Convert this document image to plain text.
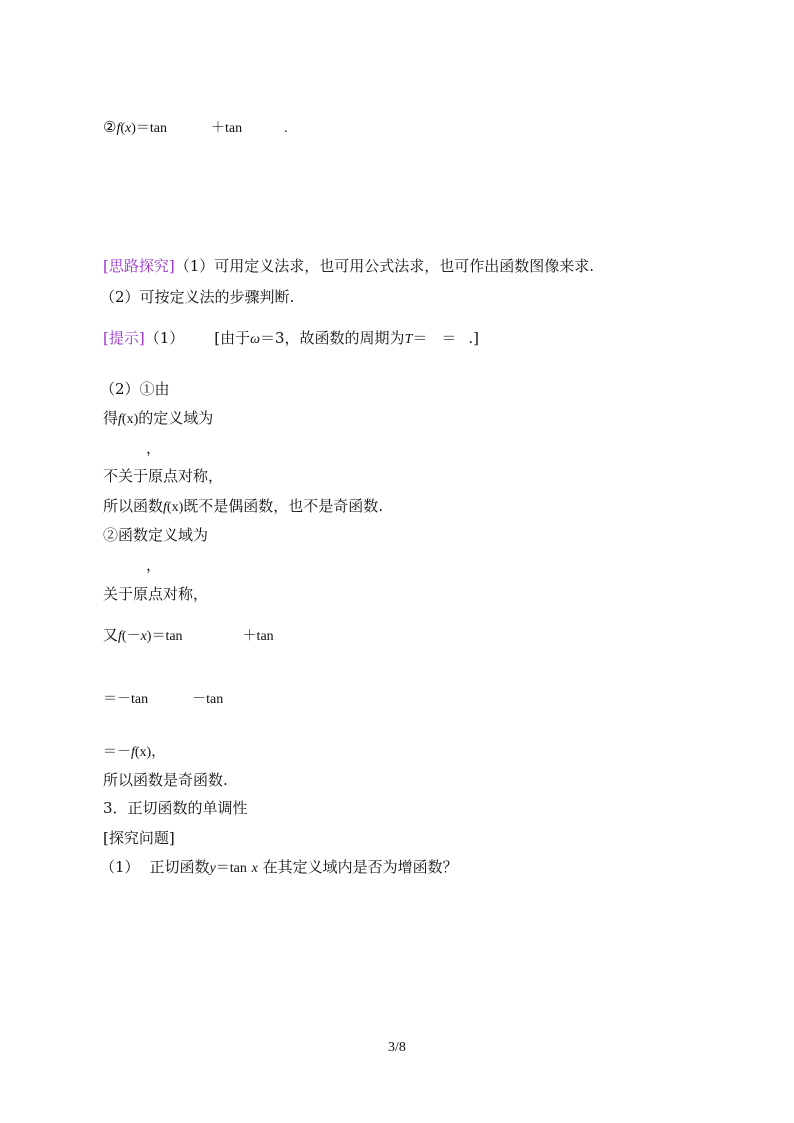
②f(x)＝tan	＋tan	.
[思路探究]（1）可用定义法求，也可用公式法求，也可作出函数图像来求.
（2）可按定义法的步骤判断.
[提示]（1） [由于ω＝3，故函数的周期为T＝ ＝ .]
（2）①由
得f(x)的定义域为
，
不关于原点对称，
所以函数f(x)既不是偶函数，也不是奇函数.
②函数定义域为
，
关于原点对称，
又f(－x)＝tan	＋tan
＝－tan	－tan
＝－f(x)，
所以函数是奇函数.
3．正切函数的单调性
[探究问题]
（1） 正切函数y＝tan x 在其定义域内是否为增函数？
3/8
